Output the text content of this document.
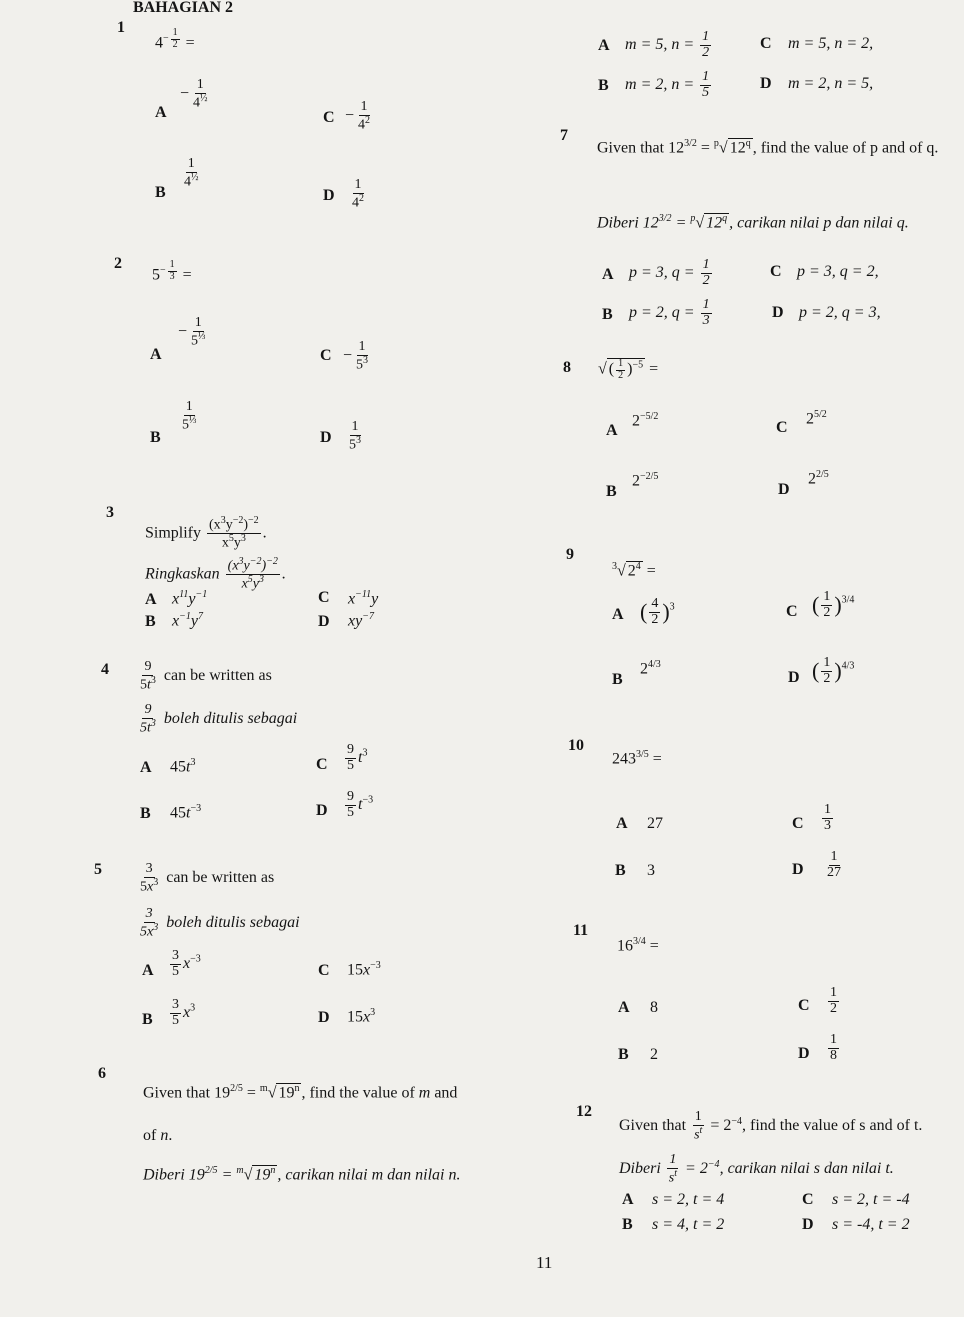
BAHAGIAN 2
1
$4^{- \frac{1}{2}}$ =
A
− $\frac{1}{4^{\frac{1}{2}}}$
$C - \frac{1}{4^2}$
B
$\frac{1}{4^{\frac{1}{2}}}$
D $\frac{1}{4^2}$
2
$5^{- \frac{1}{3}}$ =
A
− $\frac{1}{5^{\frac{1}{3}}}$
$C - \frac{1}{5^3}$
B
$\frac{1}{5^{\frac{1}{3}}}$
D $\frac{1}{5^3}$
3
Simplify $\frac{(x^3y^{-2})^{-2}}{x^5y^3}$ .
Ringkaskan $\frac{(x^3y^{-2})^{-2}}{x^5y^3}$ .
A $x^{11}y^{-1}$	C $x^{-11}y$
B $x^{-1}y^7$	D $xy^{-7}$
$4 \frac{9}{5t^3}$ can be written as
$\frac{9}{5t^3}$ boleh ditulis sebagai
A $45t^3$	C $\frac{9}{5} t^3$
B $45t^{-3}$	D $\frac{9}{5} t^{-3}$
5	$\frac{3}{5x^3}$ can be written as
$\frac{3}{5x^3}$ boleh ditulis sebagai
A $\frac{3}{5} x^{-3}$
C $15x^{-3}$
B $\frac{3}{5} x^3$
D $15x^3$
6
Given that $19^{2/5} = ^m√$ 19$^n$ , find the value of m and
of n.
Diberi $19^{2/5} = ^m√$ 19$^n$ , carikan nilai m dan nilai n.
A m = 5, $n = \frac{1}{2}$	C m = 5, n = 2,
B m = 2, $n = \frac{1}{5}$	D m = 2, n = 5,
7
Given that $12^{3/2} = ^p√$ 12$^q$ , find the value of p and of q.
Diberi $12^{3/2} = ^p√$ 12$^q$ , carikan nilai p dan nilai q.
A p = 3, $q = \frac{1}{2}$	C p = 3, q = 2,
B p = 2, $q = \frac{1}{3}$	D p = 2, q = 3,
8 √ ( $\frac{1}{2} )^{-5}$ =
A
$2^{-5/2}$
C
$2^{5/2}$
B
$2^{-2/5}$
D
$2^{2/5}$
9
$^3$√ $2^4$ =
A ( $\frac{4}{2} )^3$	C ( $\frac{1}{2} )^{3/4}$
B
$2^{4/3}$
D ( $\frac{1}{2} )^{4/3}$
10
$243^{3/5}$ =
A 27	C $\frac{1}{3}$
B 3	D $\frac{1}{27}$
11
$16^{3/4}$ =
A 8	C $\frac{1}{2}$
B 2	D $\frac{1}{8}$
12
Given that $\frac{1}{s^t} = 2^{-4}$, find the value of s and of t.
Diberi $\frac{1}{s^t} = 2^{-4}$, carikan nilai s dan nilai t.
A s = 2, t = 4	C s = 2, t = -4
B s = 4, t = 2	D s = -4, t = 2
11
